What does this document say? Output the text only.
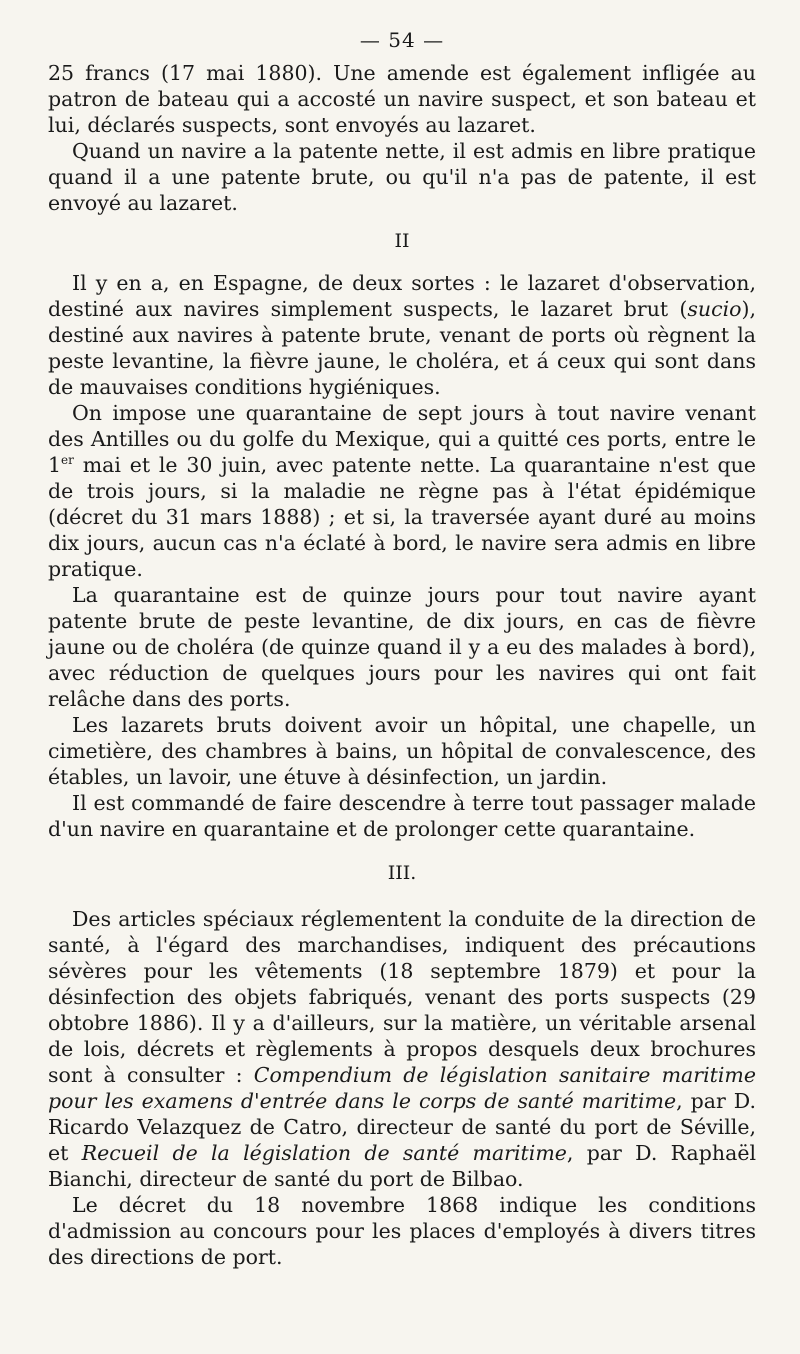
— 54 —

25 francs (17 mai 1880). Une amende est également infligée au patron de bateau qui a accosté un navire suspect, et son bateau et lui, déclarés suspects, sont envoyés au lazaret.

Quand un navire a la patente nette, il est admis en libre pratique quand il a une patente brute, ou qu'il n'a pas de patente, il est envoyé au lazaret.

II

Il y en a, en Espagne, de deux sortes : le lazaret d'observation, destiné aux navires simplement suspects, le lazaret brut (sucio), destiné aux navires à patente brute, venant de ports où règnent la peste levantine, la fièvre jaune, le choléra, et á ceux qui sont dans de mauvaises conditions hygiéniques.

On impose une quarantaine de sept jours à tout navire venant des Antilles ou du golfe du Mexique, qui a quitté ces ports, entre le 1er mai et le 30 juin, avec patente nette. La quarantaine n'est que de trois jours, si la maladie ne règne pas à l'état épidémique (décret du 31 mars 1888) ; et si, la traversée ayant duré au moins dix jours, aucun cas n'a éclaté à bord, le navire sera admis en libre pratique.

La quarantaine est de quinze jours pour tout navire ayant patente brute de peste levantine, de dix jours, en cas de fièvre jaune ou de choléra (de quinze quand il y a eu des malades à bord), avec réduction de quelques jours pour les navires qui ont fait relâche dans des ports.

Les lazarets bruts doivent avoir un hôpital, une chapelle, un cimetière, des chambres à bains, un hôpital de convalescence, des étables, un lavoir, une étuve à désinfection, un jardin.

Il est commandé de faire descendre à terre tout passager malade d'un navire en quarantaine et de prolonger cette quarantaine.

III.

Des articles spéciaux réglementent la conduite de la direction de santé, à l'égard des marchandises, indiquent des précautions sévères pour les vêtements (18 septembre 1879) et pour la désinfection des objets fabriqués, venant des ports suspects (29 obtobre 1886). Il y a d'ailleurs, sur la matière, un véritable arsenal de lois, décrets et règlements à propos desquels deux brochures sont à consulter : Compendium de législation sanitaire maritime pour les examens d'entrée dans le corps de santé maritime, par D. Ricardo Velazquez de Catro, directeur de santé du port de Séville, et Recueil de la législation de santé maritime, par D. Raphaël Bianchi, directeur de santé du port de Bilbao.

Le décret du 18 novembre 1868 indique les conditions d'admission au concours pour les places d'employés à divers titres des directions de port.
